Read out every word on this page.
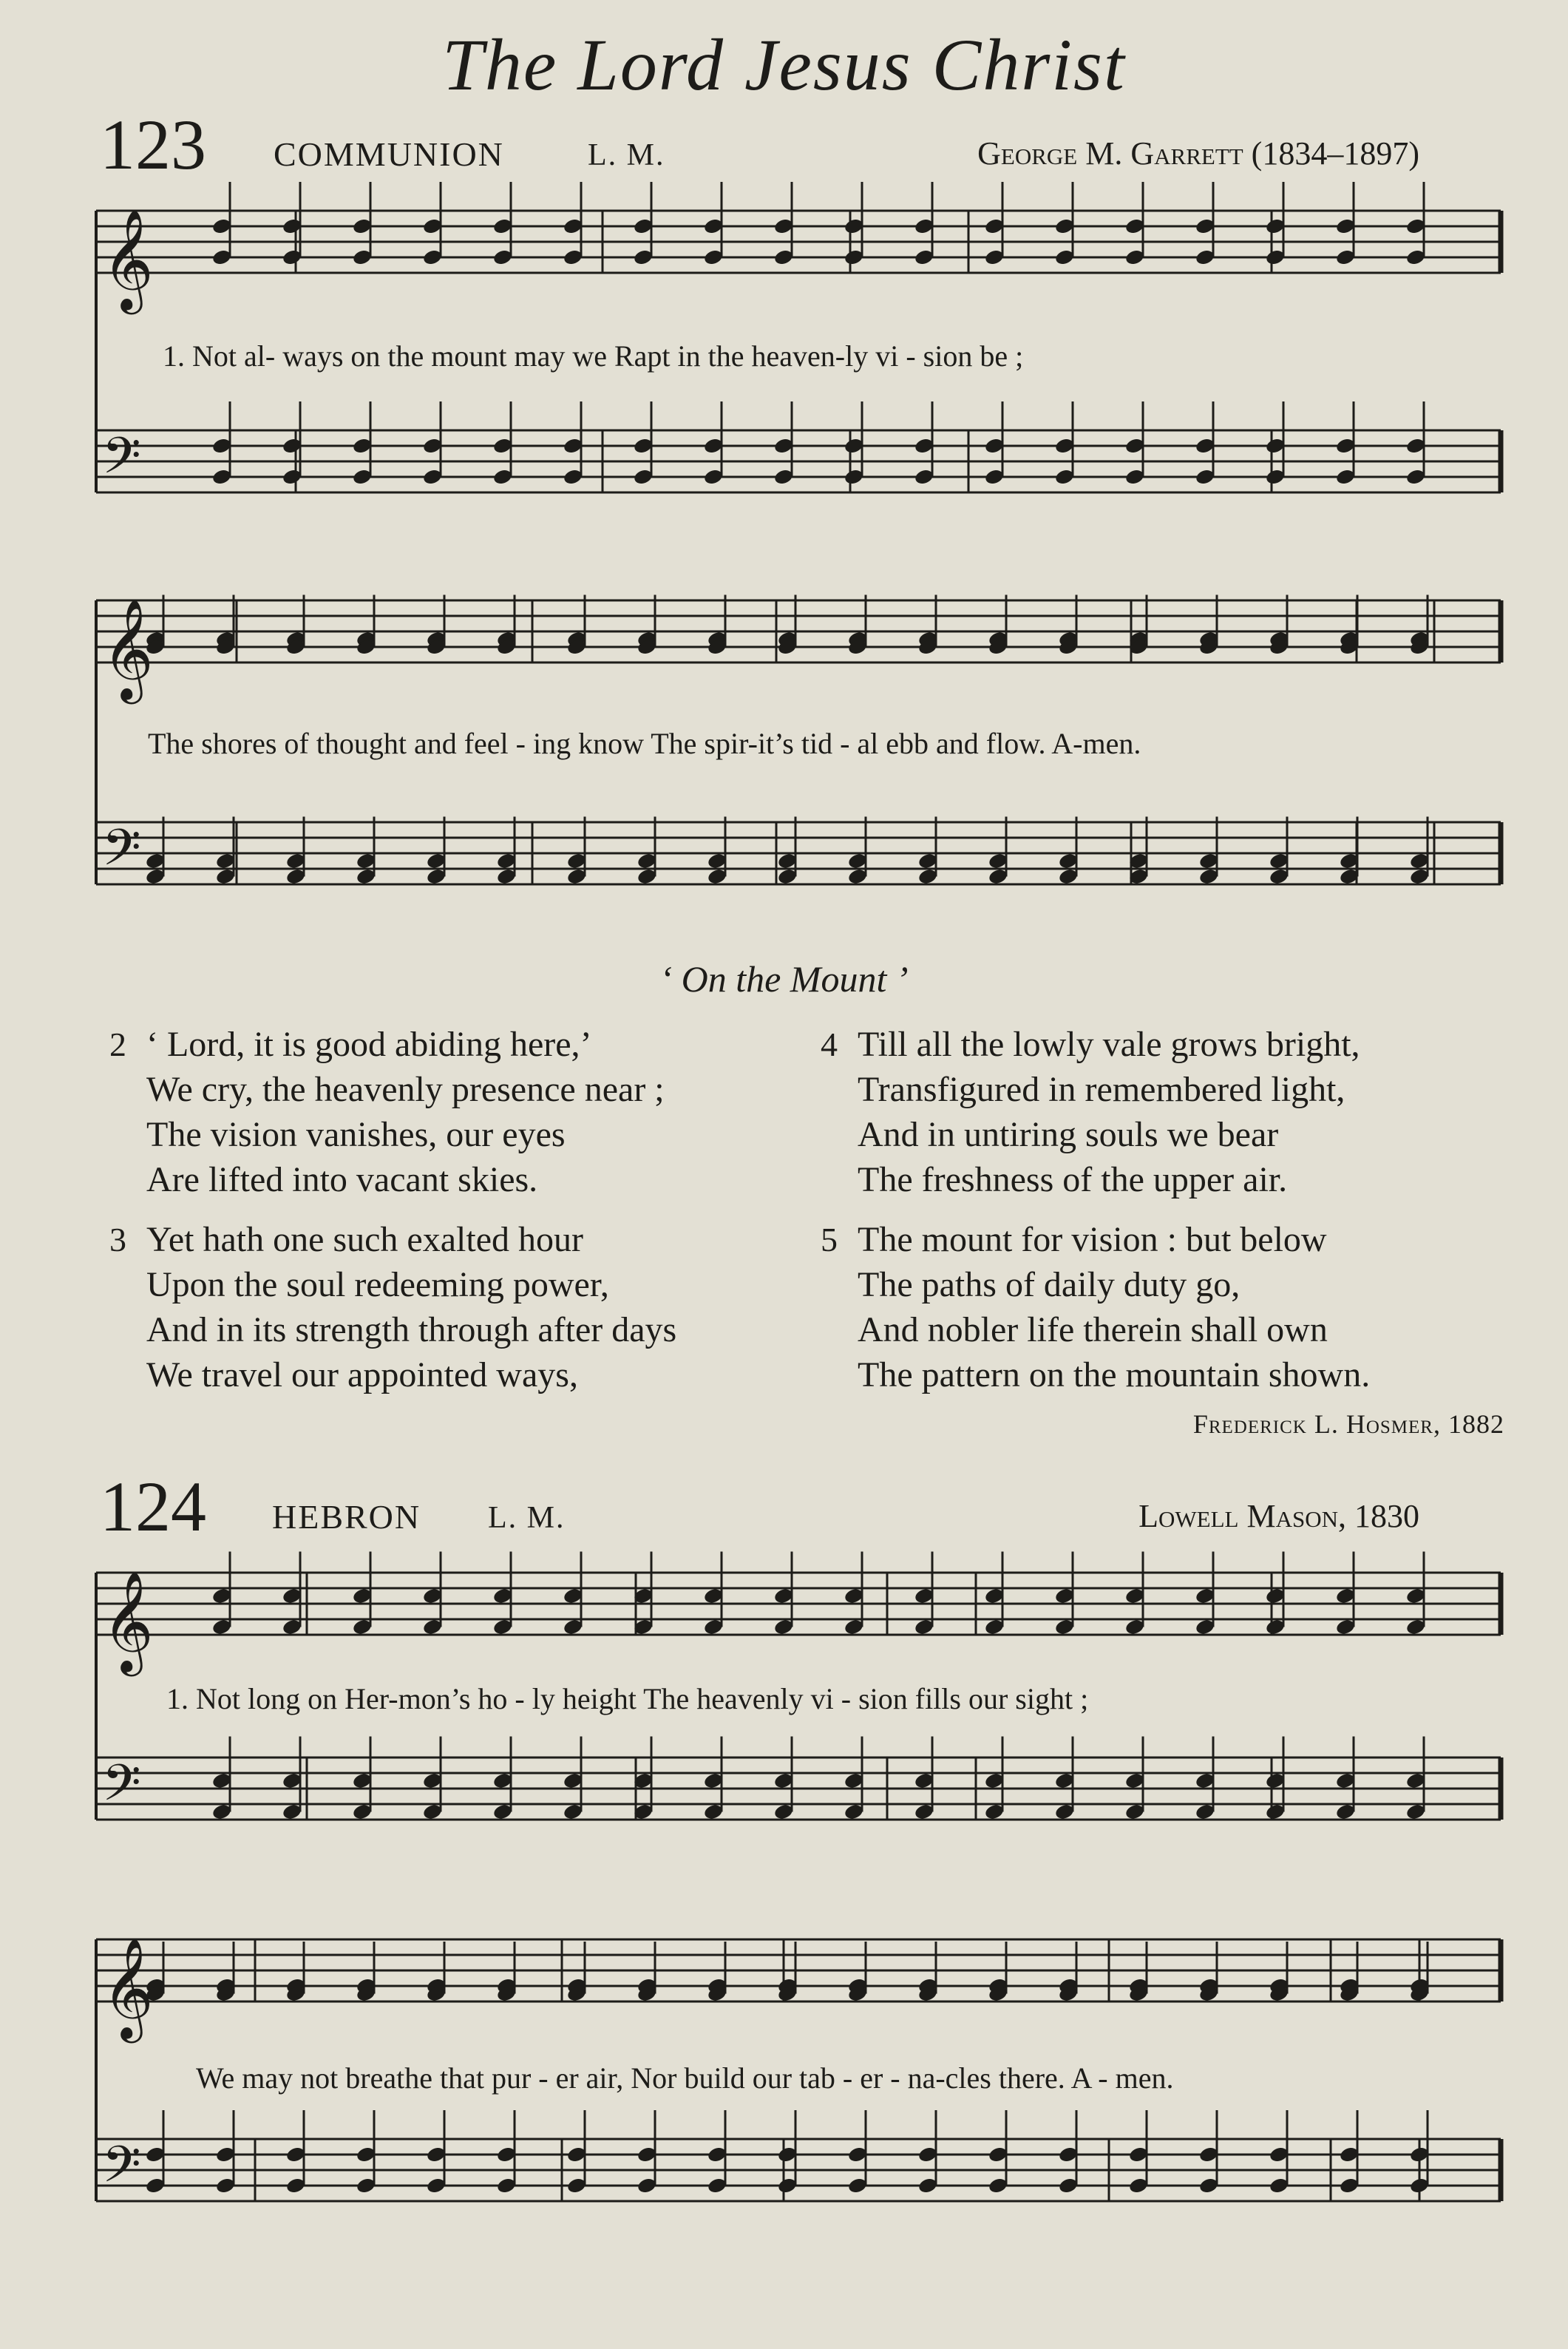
The Lord Jesus Christ
123 COMMUNION	L. M.	George M. Garrett (1834–1897)
1. Not al- ways on the mount may we Rapt in the heaven-ly vi - sion be ;
The shores of thought and feel - ing know The spir-it’s tid - al ebb and flow. A-men.
124 HEBRON L. M.	Lowell Mason, 1830
1. Not long on Her-mon’s ho - ly height The heavenly vi - sion fills our sight ;
We may not breathe that pur - er air, Nor build our tab - er - na-cles there. A - men.
‘ On the Mount ’
2 ‘ Lord, it is good abiding here,’
We cry, the heavenly presence near ;
The vision vanishes, our eyes
Are lifted into vacant skies.
3 Yet hath one such exalted hour
Upon the soul redeeming power,
And in its strength through after days
We travel our appointed ways,
4 Till all the lowly vale grows bright,
Transfigured in remembered light,
And in untiring souls we bear
The freshness of the upper air.
5 The mount for vision : but below
The paths of daily duty go,
And nobler life therein shall own
The pattern on the mountain shown.
Frederick L. Hosmer, 1882
𝄞
𝄢
𝄞
𝄢
𝄞
𝄢
𝄞
𝄢
